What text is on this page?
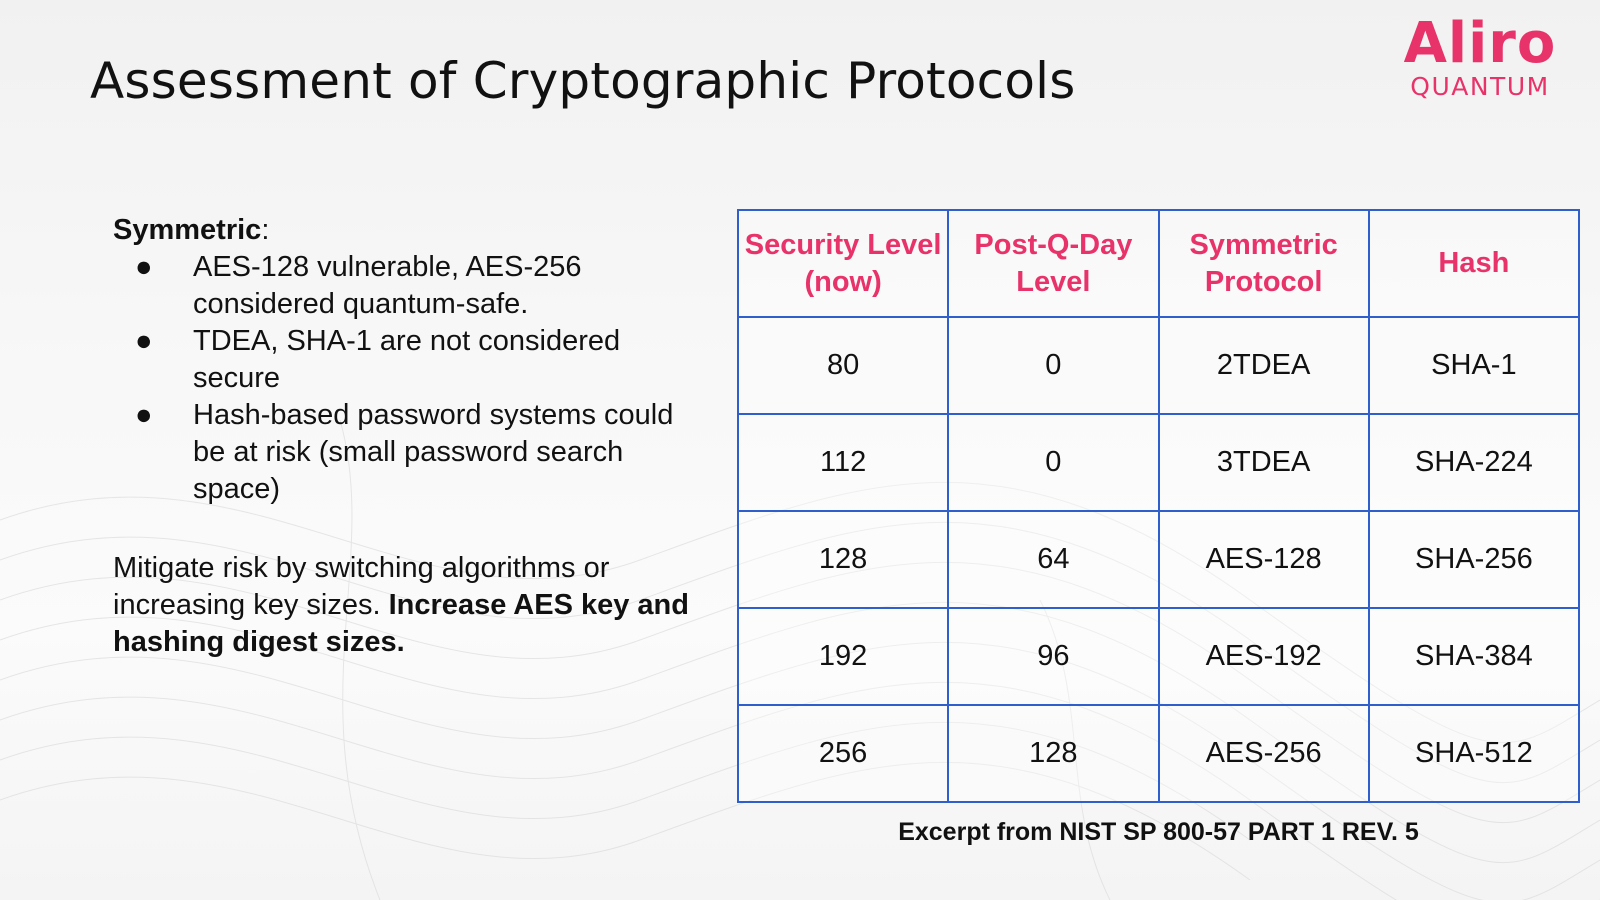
Assessment of Cryptographic Protocols
Aliro
QUANTUM

Symmetric:

● AES-128 vulnerable, AES-256 considered quantum-safe.
● TDEA, SHA-1 are not considered secure
● Hash-based password systems could be at risk (small password search space)

Mitigate risk by switching algorithms or increasing key sizes. Increase AES key and hashing digest sizes.

Security Level (now)	Post-Q-Day Level	Symmetric Protocol	Hash
80	0	2TDEA	SHA-1
112	0	3TDEA	SHA-224
128	64	AES-128	SHA-256
192	96	AES-192	SHA-384
256	128	AES-256	SHA-512
Excerpt from NIST SP 800-57 PART 1 REV. 5
